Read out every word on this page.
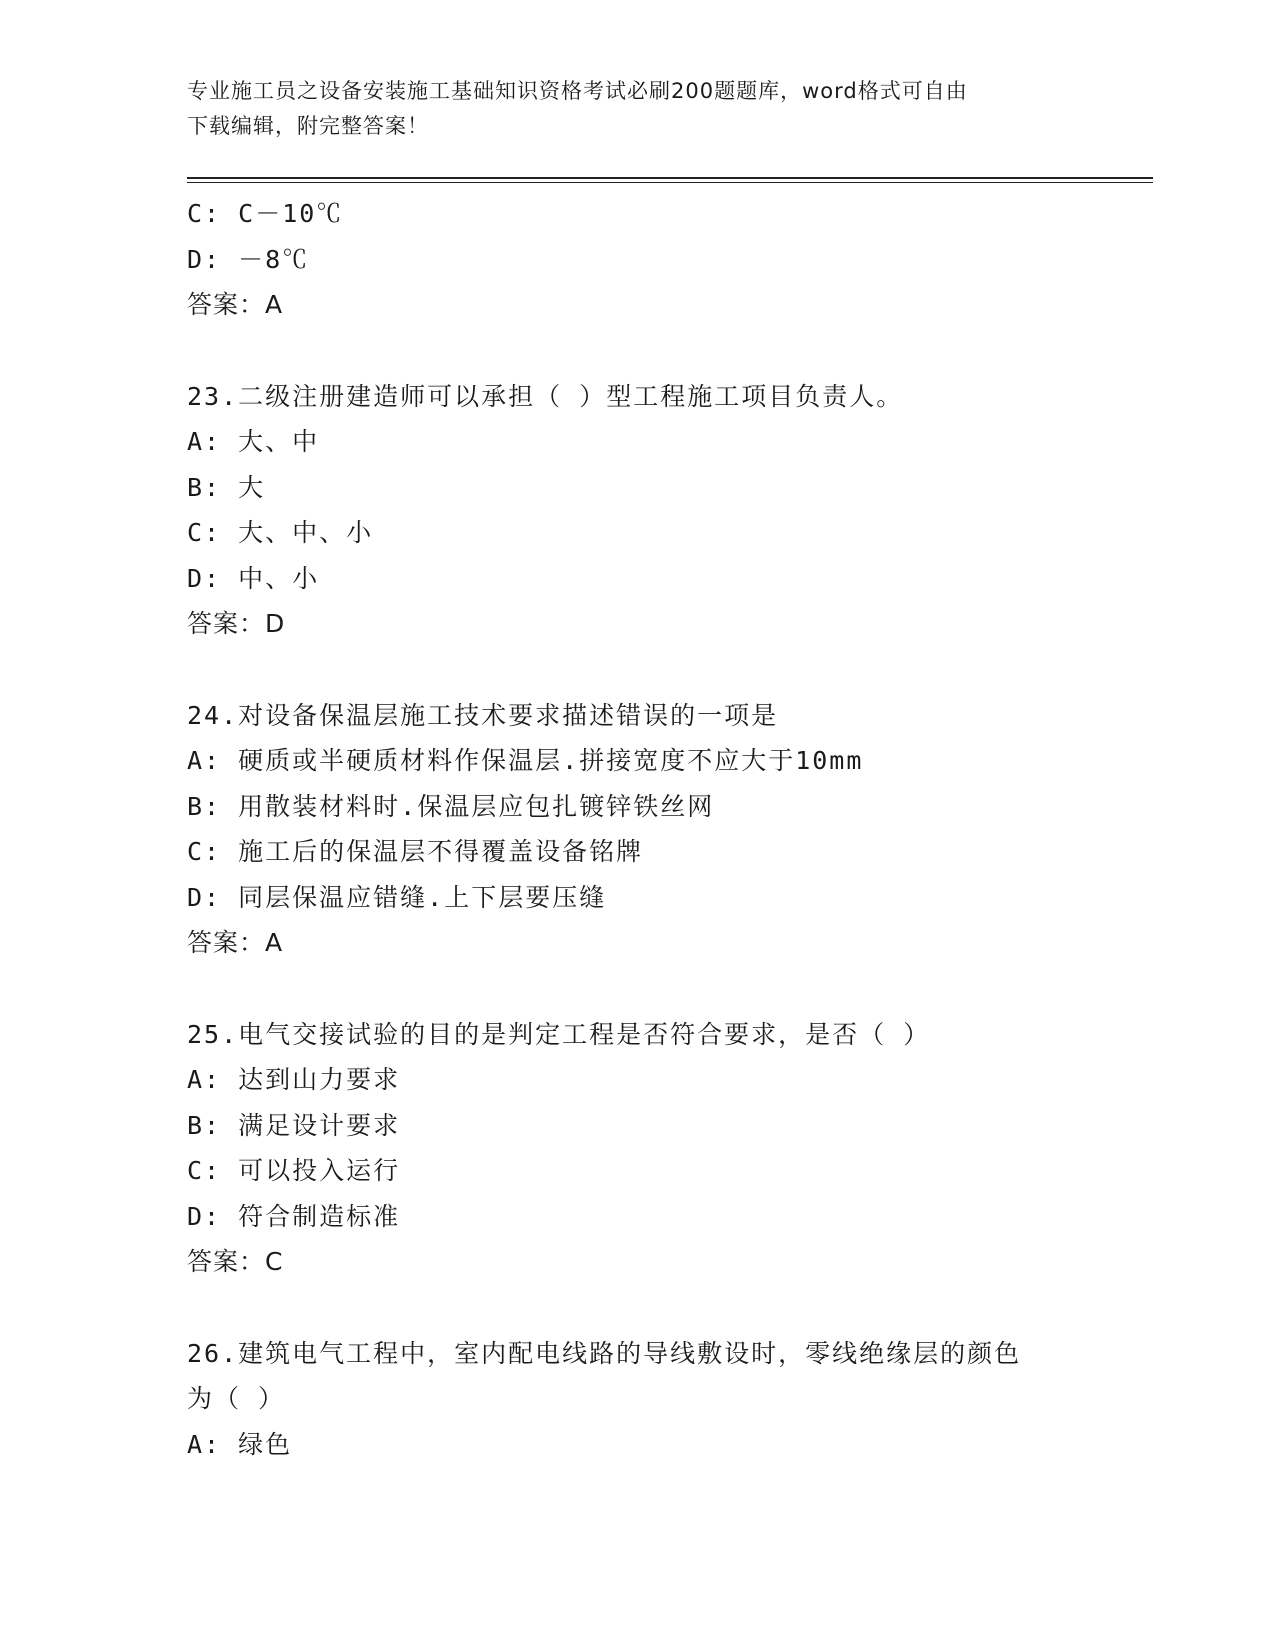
专业施工员之设备安装施工基础知识资格考试必刷200题题库，word格式可自由
下载编辑，附完整答案！
C: C－10℃
D: －8℃
答案：A
23.二级注册建造师可以承担（ ）型工程施工项目负责人。
A: 大、中
B: 大
C: 大、中、小
D: 中、小
答案：D
24.对设备保温层施工技术要求描述错误的一项是
A: 硬质或半硬质材料作保温层.拼接宽度不应大于10mm
B: 用散装材料时.保温层应包扎镀锌铁丝网
C: 施工后的保温层不得覆盖设备铭牌
D: 同层保温应错缝.上下层要压缝
答案：A
25.电气交接试验的目的是判定工程是否符合要求，是否（ ）
A: 达到山力要求
B: 满足设计要求
C: 可以投入运行
D: 符合制造标准
答案：C
26.建筑电气工程中，室内配电线路的导线敷设时，零线绝缘层的颜色
为（ ）
A: 绿色
